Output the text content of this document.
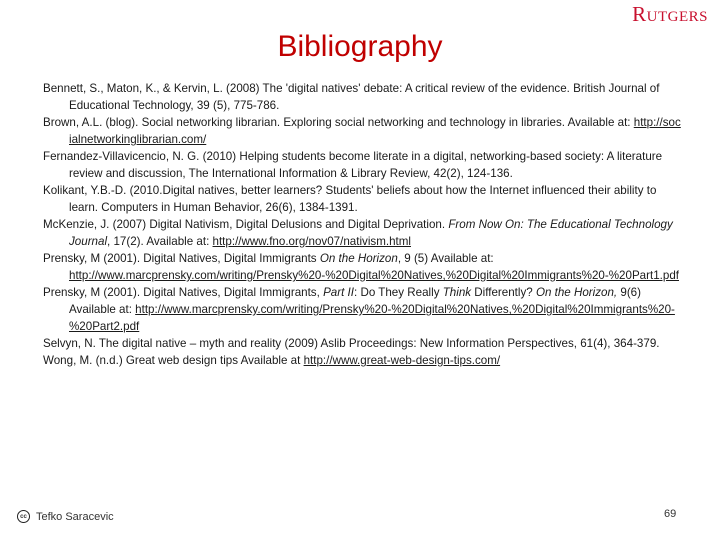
Rutgers
Bibliography

Bennett, S., Maton, K., & Kervin, L. (2008) The 'digital natives' debate: A critical review of the evidence. British Journal of Educational Technology, 39 (5), 775-786.

Brown, A.L. (blog). Social networking librarian. Exploring social networking and technology in libraries. Available at: http://socialnetworkinglibrarian.com/

Fernandez-Villavicencio, N. G. (2010) Helping students become literate in a digital, networking-based society: A literature review and discussion, The International Information & Library Review, 42(2), 124-136.

Kolikant, Y.B.-D. (2010.Digital natives, better learners? Students' beliefs about how the Internet influenced their ability to learn. Computers in Human Behavior, 26(6), 1384-1391.

McKenzie, J. (2007) Digital Nativism, Digital Delusions and Digital Deprivation. From Now On: The Educational Technology Journal, 17(2). Available at: http://www.fno.org/nov07/nativism.html

Prensky, M (2001). Digital Natives, Digital Immigrants On the Horizon, 9 (5) Available at:
http://www.marcprensky.com/writing/Prensky%20-%20Digital%20Natives,%20Digital%20Immigrants%20-%20Part1.pdf

Prensky, M (2001). Digital Natives, Digital Immigrants, Part II: Do They Really Think Differently? On the Horizon, 9(6) Available at: http://www.marcprensky.com/writing/Prensky%20-%20Digital%20Natives,%20Digital%20Immigrants%20-%20Part2.pdf

Selvyn, N. The digital native – myth and reality (2009) Aslib Proceedings: New Information Perspectives, 61(4), 364-379.

Wong, M. (n.d.) Great web design tips Available at http://www.great-web-design-tips.com/

cc Tefko Saracevic	69
